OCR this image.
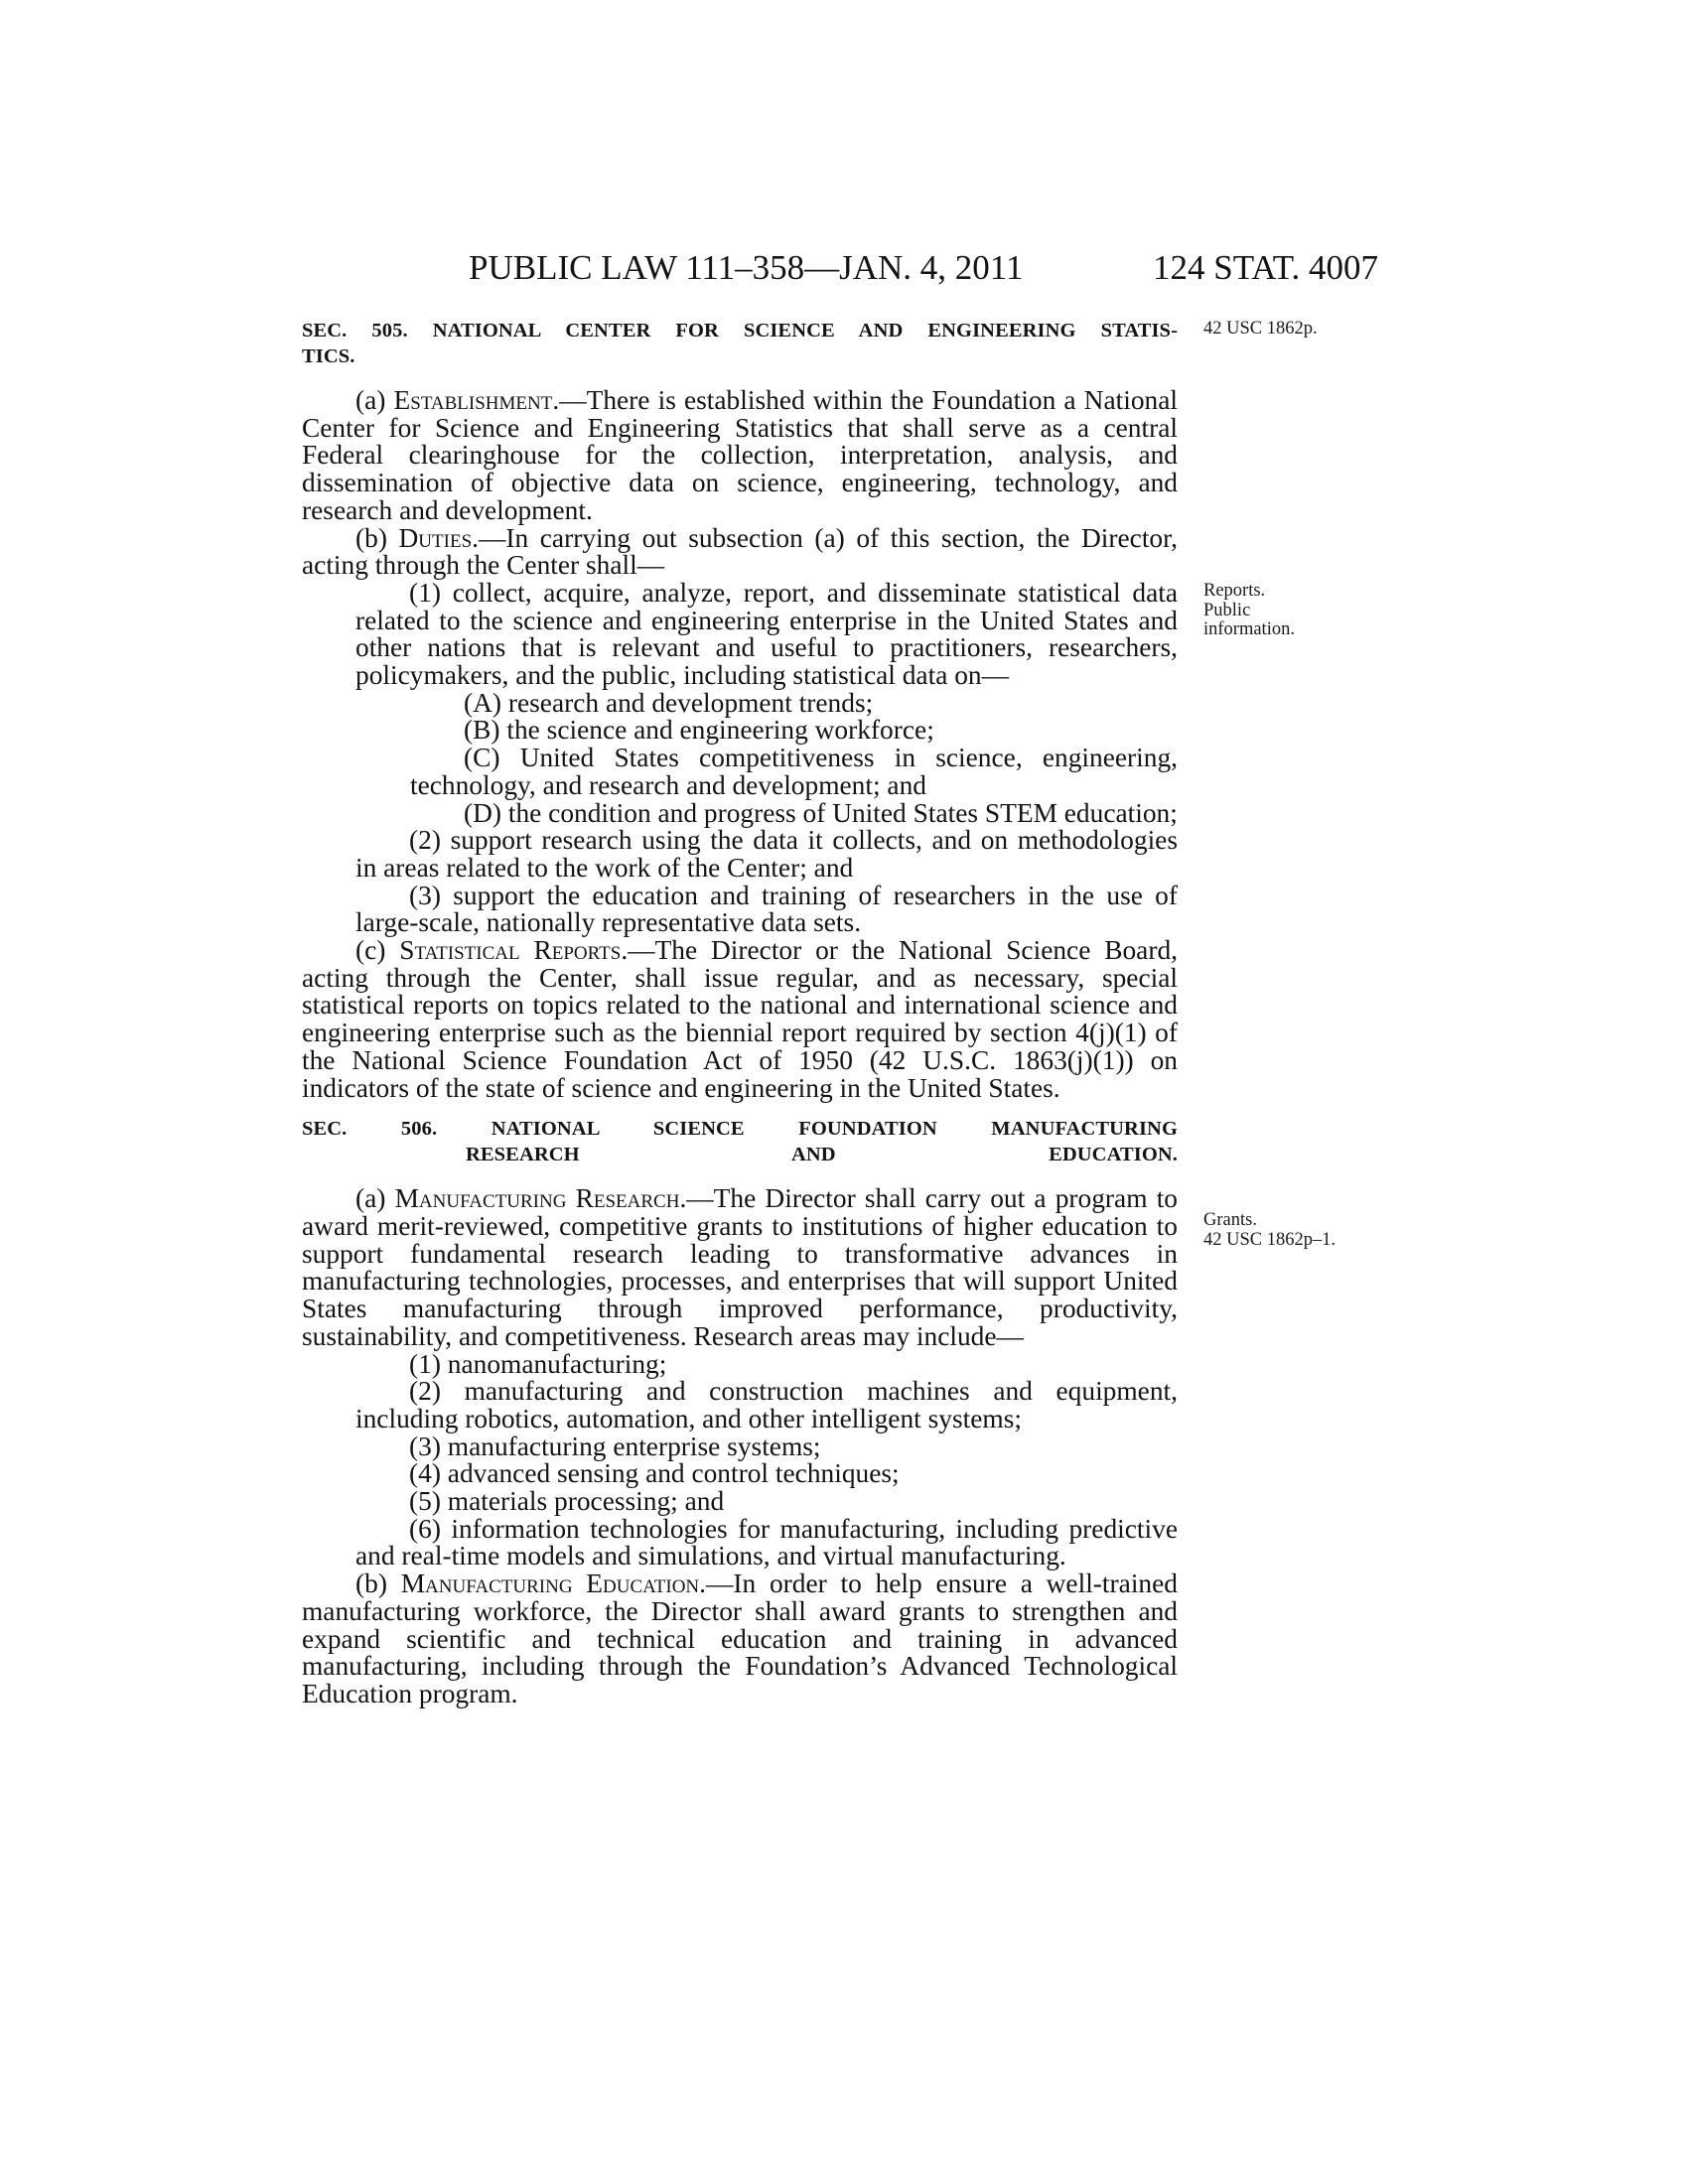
PUBLIC LAW 111–358—JAN. 4, 2011	124 STAT. 4007
42 USC 1862p.
Reports.
Public
information.
Grants.
42 USC 1862p–1.
SEC. 505. NATIONAL CENTER FOR SCIENCE AND ENGINEERING STATIS-
TICS.

(a) Establishment.—There is established within the Foundation a National Center for Science and Engineering Statistics that shall serve as a central Federal clearinghouse for the collection, interpretation, analysis, and dissemination of objective data on science, engineering, technology, and research and development.

(b) Duties.—In carrying out subsection (a) of this section, the Director, acting through the Center shall—

(1) collect, acquire, analyze, report, and disseminate statistical data related to the science and engineering enterprise in the United States and other nations that is relevant and useful to practitioners, researchers, policymakers, and the public, including statistical data on—

(A) research and development trends;

(B) the science and engineering workforce;

(C) United States competitiveness in science, engineering, technology, and research and development; and

(D) the condition and progress of United States STEM education;

(2) support research using the data it collects, and on methodologies in areas related to the work of the Center; and

(3) support the education and training of researchers in the use of large-scale, nationally representative data sets.

(c) Statistical Reports.—The Director or the National Science Board, acting through the Center, shall issue regular, and as necessary, special statistical reports on topics related to the national and international science and engineering enterprise such as the biennial report required by section 4(j)(1) of the National Science Foundation Act of 1950 (42 U.S.C. 1863(j)(1)) on indicators of the state of science and engineering in the United States.

SEC. 506. NATIONAL SCIENCE FOUNDATION MANUFACTURING
RESEARCH AND EDUCATION.

(a) Manufacturing Research.—The Director shall carry out a program to award merit-reviewed, competitive grants to institutions of higher education to support fundamental research leading to transformative advances in manufacturing technologies, processes, and enterprises that will support United States manufacturing through improved performance, productivity, sustainability, and competitiveness. Research areas may include—

(1) nanomanufacturing;

(2) manufacturing and construction machines and equipment, including robotics, automation, and other intelligent systems;

(3) manufacturing enterprise systems;

(4) advanced sensing and control techniques;

(5) materials processing; and

(6) information technologies for manufacturing, including predictive and real-time models and simulations, and virtual manufacturing.

(b) Manufacturing Education.—In order to help ensure a well-trained manufacturing workforce, the Director shall award grants to strengthen and expand scientific and technical education and training in advanced manufacturing, including through the Foundation’s Advanced Technological Education program.
